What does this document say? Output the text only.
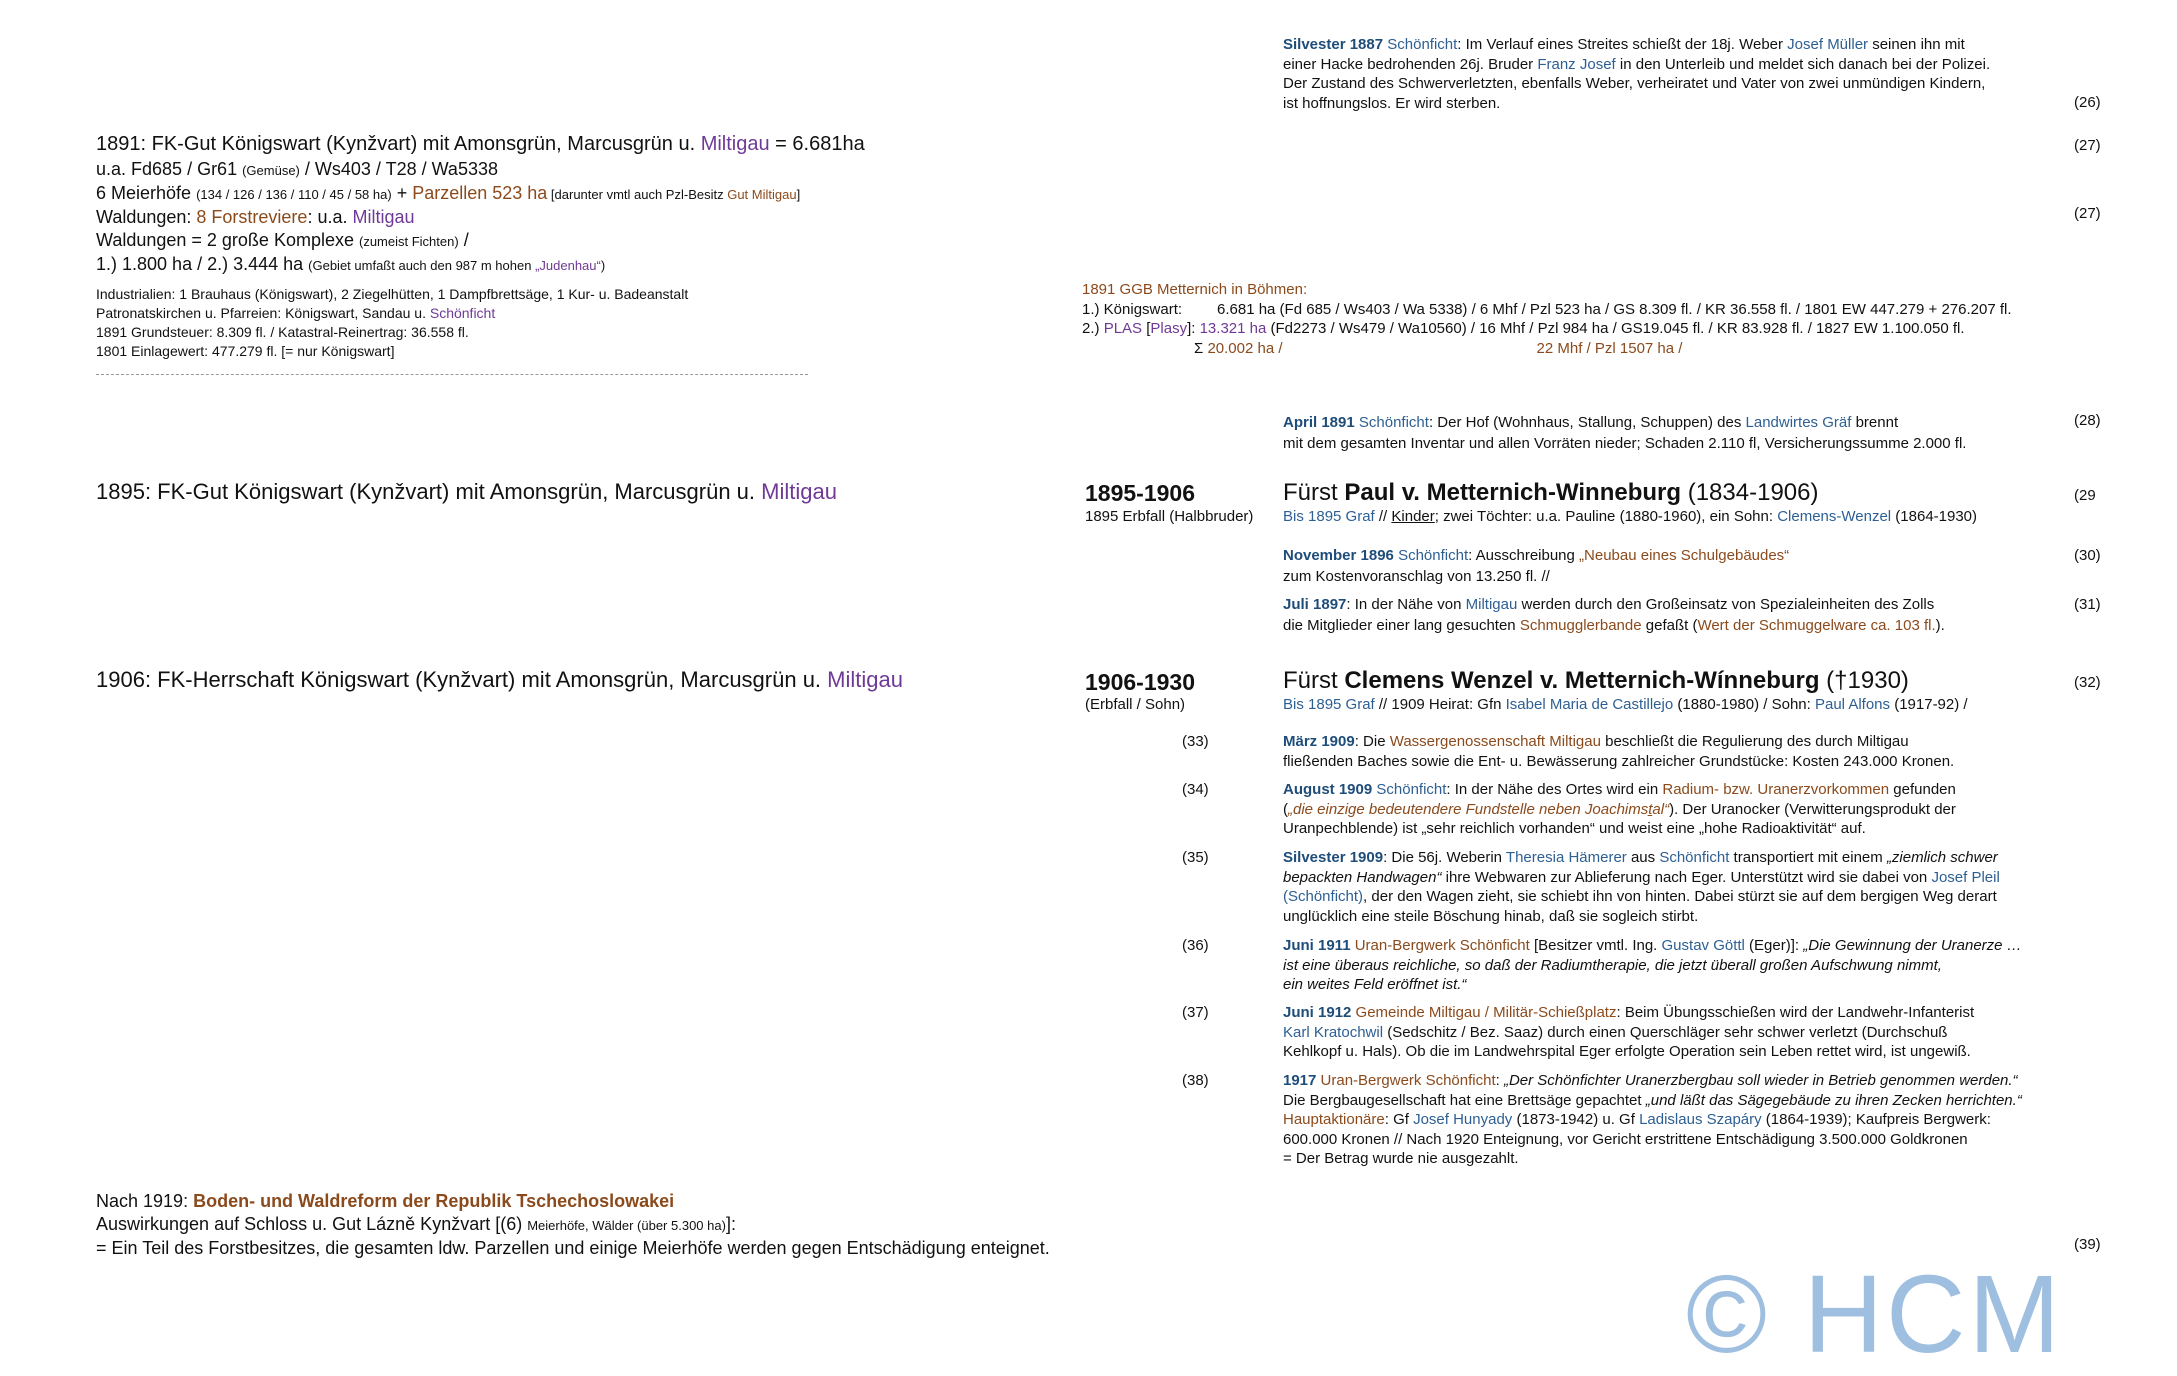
Silvester 1887 Schönficht: Im Verlauf eines Streites schießt der 18j. Weber Josef Müller seinen ihn mit
einer Hacke bedrohenden 26j. Bruder Franz Josef in den Unterleib und meldet sich danach bei der Polizei.
Der Zustand des Schwerverletzten, ebenfalls Weber, verheiratet und Vater von zwei unmündigen Kindern,
ist hoffnungslos. Er wird sterben.	(26)
1891: FK-Gut Königswart (Kynžvart) mit Amonsgrün, Marcusgrün u. Miltigau = 6.681ha
u.a. Fd685 / Gr61 (Gemüse) / Ws403 / T28 / Wa5338
6 Meierhöfe (134 / 126 / 136 / 110 / 45 / 58 ha) + Parzellen 523 ha [darunter vmtl auch Pzl-Besitz Gut Miltigau]
Waldungen: 8 Forstreviere: u.a. Miltigau
Waldungen = 2 große Komplexe (zumeist Fichten) /
1.) 1.800 ha / 2.) 3.444 ha (Gebiet umfaßt auch den 987 m hohen „Judenhau“)
Industrialien: 1 Brauhaus (Königswart), 2 Ziegelhütten, 1 Dampfbrettsäge, 1 Kur- u. Badeanstalt
Patronatskirchen u. Pfarreien: Königswart, Sandau u. Schönficht
1891 Grundsteuer: 8.309 fl. / Katastral-Reinertrag: 36.558 fl.
1801 Einlagewert: 477.279 fl. [= nur Königswart]
(27)
(27)
1891 GGB Metternich in Böhmen:
1.) Königswart: 6.681 ha (Fd 685 / Ws403 / Wa 5338) / 6 Mhf / Pzl 523 ha / GS 8.309 fl. / KR 36.558 fl. / 1801 EW 447.279 + 276.207 fl.
2.) PLAS [Plasy]: 13.321 ha (Fd2273 / Ws479 / Wa10560) / 16 Mhf / Pzl 984 ha / GS19.045 fl. / KR 83.928 fl. / 1827 EW 1.100.050 fl.
Σ 20.002 ha /	22 Mhf / Pzl 1507 ha /
April 1891 Schönficht: Der Hof (Wohnhaus, Stallung, Schuppen) des Landwirtes Gräf brennt
mit dem gesamten Inventar und allen Vorräten nieder; Schaden 2.110 fl, Versicherungssumme 2.000 fl.
(28)
1895: FK-Gut Königswart (Kynžvart) mit Amonsgrün, Marcusgrün u. Miltigau	1895-1906
1895 Erbfall (Halbbruder)
Fürst Paul v. Metternich-Winneburg (1834-1906)	(29
Bis 1895 Graf // Kinder; zwei Töchter: u.a. Pauline (1880-1960), ein Sohn: Clemens-Wenzel (1864-1930)
November 1896 Schönficht: Ausschreibung „Neubau eines Schulgebäudes“
zum Kostenvoranschlag von 13.250 fl. //
(30)
Juli 1897: In der Nähe von Miltigau werden durch den Großeinsatz von Spezialeinheiten des Zolls
die Mitglieder einer lang gesuchten Schmugglerbande gefaßt (Wert der Schmuggelware ca. 103 fl.).
(31)
1906: FK-Herrschaft Königswart (Kynžvart) mit Amonsgrün, Marcusgrün u. Miltigau	1906-1930
(Erbfall / Sohn)
Fürst Clemens Wenzel v. Metternich-Wínneburg (†1930)	(32)
Bis 1895 Graf // 1909 Heirat: Gfn Isabel Maria de Castillejo (1880-1980) / Sohn: Paul Alfons (1917-92) /
(33)	März 1909: Die Wassergenossenschaft Miltigau beschließt die Regulierung des durch Miltigau
fließenden Baches sowie die Ent- u. Bewässerung zahlreicher Grundstücke: Kosten 243.000 Kronen.
(34)	August 1909 Schönficht: In der Nähe des Ortes wird ein Radium- bzw. Uranerzvorkommen gefunden
(„die einzige bedeutendere Fundstelle neben Joachimsṯal“). Der Uranocker (Verwitterungsprodukt der
Uranpechblende) ist „sehr reichlich vorhanden“ und weist eine „hohe Radioaktivität“ auf.
(35)	Silvester 1909: Die 56j. Weberin Theresia Hämerer aus Schönficht transportiert mit einem „ziemlich schwer
bepackten Handwagen“ ihre Webwaren zur Ablieferung nach Eger. Unterstützt wird sie dabei von Josef Pleil
(Schönficht), der den Wagen zieht, sie schiebt ihn von hinten. Dabei stürzt sie auf dem bergigen Weg derart
unglücklich eine steile Böschung hinab, daß sie sogleich stirbt.
(36)	Juni 1911 Uran-Bergwerk Schönficht [Besitzer vmtl. Ing. Gustav Göttl (Eger)]: „Die Gewinnung der Uranerze …
ist eine überaus reichliche, so daß der Radiumtherapie, die jetzt überall großen Aufschwung nimmt,
ein weites Feld eröffnet ist.“
(37)	Juni 1912 Gemeinde Miltigau / Militär-Schießplatz: Beim Übungsschießen wird der Landwehr-Infanterist
Karl Kratochwil (Sedschitz / Bez. Saaz) durch einen Querschläger sehr schwer verletzt (Durchschuß
Kehlkopf u. Hals). Ob die im Landwehrspital Eger erfolgte Operation sein Leben rettet wird, ist ungewiß.
(38)	1917 Uran-Bergwerk Schönficht: „Der Schönfichter Uranerzbergbau soll wieder in Betrieb genommen werden.“
Die Bergbaugesellschaft hat eine Brettsäge gepachtet „und läßt das Sägegebäude zu ihren Zecken herrichten.“
Hauptaktionäre: Gf Josef Hunyady (1873-1942) u. Gf Ladislaus Szapáry (1864-1939); Kaufpreis Bergwerk:
600.000 Kronen // Nach 1920 Enteignung, vor Gericht erstrittene Entschädigung 3.500.000 Goldkronen
= Der Betrag wurde nie ausgezahlt.
Nach 1919: Boden- und Waldreform der Republik Tschechoslowakei
Auswirkungen auf Schloss u. Gut Lázně Kynžvart [(6) Meierhöfe, Wälder (über 5.300 ha)]:
= Ein Teil des Forstbesitzes, die gesamten ldw. Parzellen und einige Meierhöfe werden gegen Entschädigung enteignet.	(39)
© HCM
